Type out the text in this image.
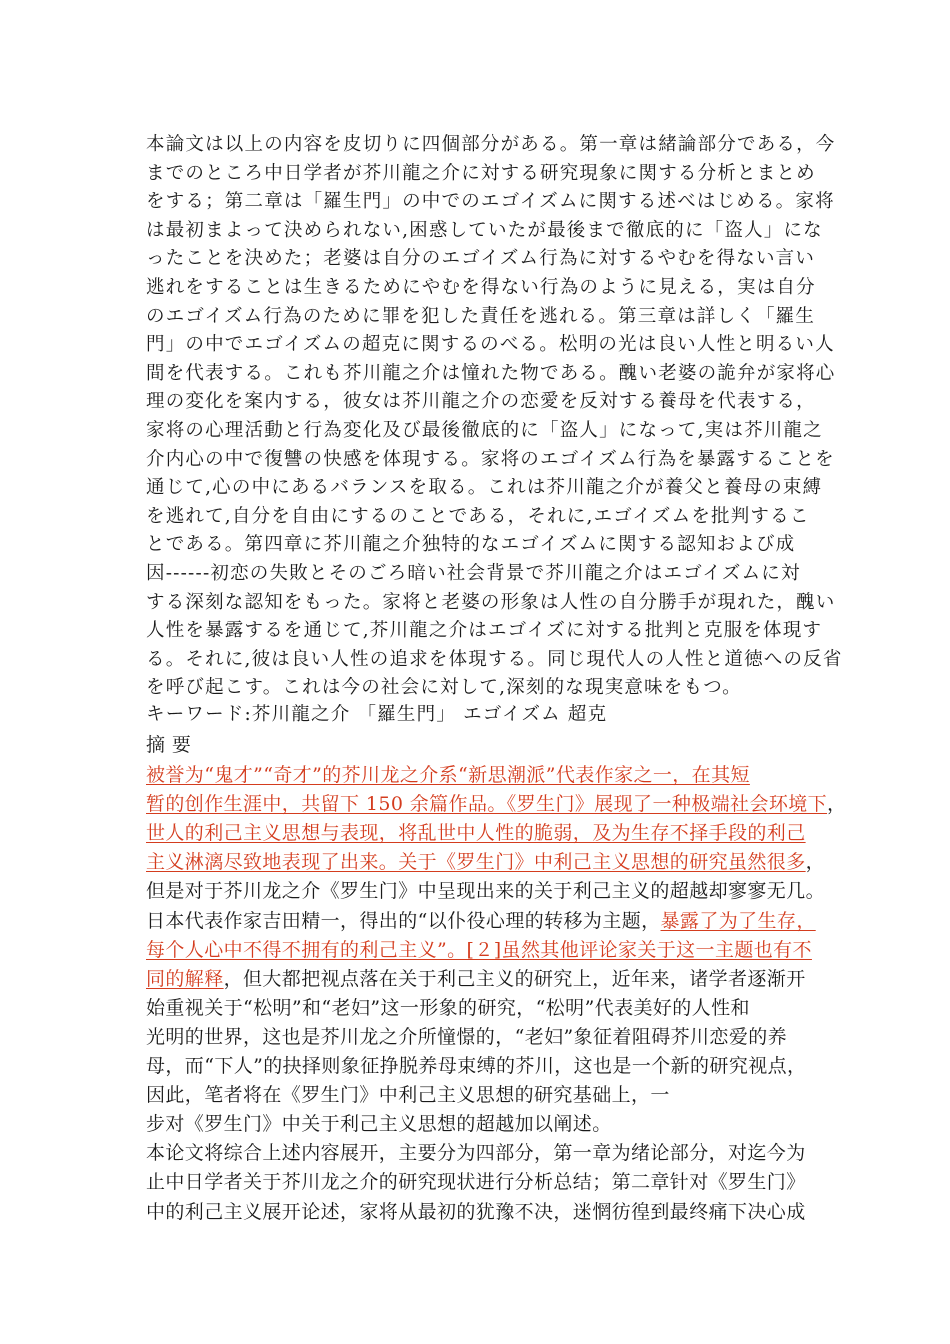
本論文は以上の内容を皮切りに四個部分がある。第一章は緒論部分である，今
までのところ中日学者が芥川龍之介に対する研究現象に関する分析とまとめ
をする；第二章は「羅生門」の中でのエゴイズムに関する述べはじめる。家将
は最初まよって決められない,困惑していたが最後まで徹底的に「盗人」にな
ったことを決めた；老婆は自分のエゴイズム行為に対するやむを得ない言い
逃れをすることは生きるためにやむを得ない行為のように見える，実は自分
のエゴイズム行為のために罪を犯した責任を逃れる。第三章は詳しく「羅生
門」の中でエゴイズムの超克に関するのべる。松明の光は良い人性と明るい人
間を代表する。これも芥川龍之介は憧れた物である。醜い老婆の詭弁が家将心
理の変化を案内する，彼女は芥川龍之介の恋愛を反対する養母を代表する，
家将の心理活動と行為変化及び最後徹底的に「盗人」になって,実は芥川龍之
介内心の中で復讐の快感を体現する。家将のエゴイズム行為を暴露することを
通じて,心の中にあるバランスを取る。これは芥川龍之介が養父と養母の束縛
を逃れて,自分を自由にするのことである，それに,エゴイズムを批判するこ
とである。第四章に芥川龍之介独特的なエゴイズムに関する認知および成
因------初恋の失敗とそのごろ暗い社会背景で芥川龍之介はエゴイズムに対
する深刻な認知をもった。家将と老婆の形象は人性の自分勝手が現れた，醜い
人性を暴露するを通じて,芥川龍之介はエゴイズに対する批判と克服を体現す
る。それに,彼は良い人性の追求を体現する。同じ現代人の人性と道徳への反省
を呼び起こす。これは今の社会に対して,深刻的な現実意味をもつ。
キーワード:芥川龍之介 「羅生門」 エゴイズム 超克
摘 要
被誉为“鬼才”“奇才”的芥川龙之介系“新思潮派”代表作家之一，在其短
暂的创作生涯中，共留下 150 余篇作品。《罗生门》展现了一种极端社会环境下，
世人的利己主义思想与表现，将乱世中人性的脆弱，及为生存不择手段的利己
主义淋漓尽致地表现了出来。关于《罗生门》中利己主义思想的研究虽然很多，
但是对于芥川龙之介《罗生门》中呈现出来的关于利己主义的超越却寥寥无几。
日本代表作家吉田精一，得出的“以仆役心理的转移为主题，暴露了为了生存，
每个人心中不得不拥有的利己主义”。[２]虽然其他评论家关于这一主题也有不
同的解释，但大都把视点落在关于利己主义的研究上，近年来，诸学者逐渐开
始重视关于“松明”和“老妇”这一形象的研究，“松明”代表美好的人性和
光明的世界，这也是芥川龙之介所憧憬的，“老妇”象征着阻碍芥川恋爱的养
母，而“下人”的抉择则象征挣脱养母束缚的芥川，这也是一个新的研究视点，
因此，笔者将在《罗生门》中利己主义思想的研究基础上，一
步对《罗生门》中关于利己主义思想的超越加以阐述。
本论文将综合上述内容展开，主要分为四部分，第一章为绪论部分，对迄今为
止中日学者关于芥川龙之介的研究现状进行分析总结；第二章针对《罗生门》
中的利己主义展开论述，家将从最初的犹豫不决，迷惘彷徨到最终痛下决心成
